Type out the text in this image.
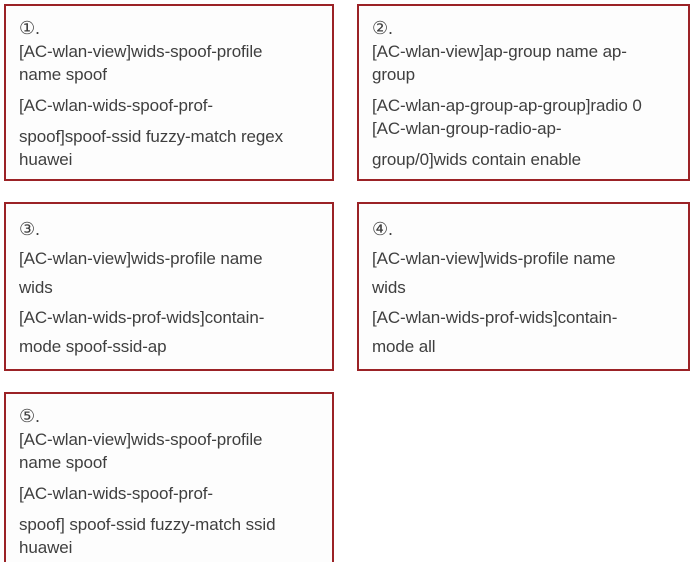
①.
[AC-wlan-view]wids-spoof-profile
name spoof
[AC-wlan-wids-spoof-prof-
spoof]spoof-ssid fuzzy-match regex
huawei
②.
[AC-wlan-view]ap-group name ap-
group
[AC-wlan-ap-group-ap-group]radio 0
[AC-wlan-group-radio-ap-
group/0]wids contain enable
③.
[AC-wlan-view]wids-profile name
wids
[AC-wlan-wids-prof-wids]contain-
mode spoof-ssid-ap
④.
[AC-wlan-view]wids-profile name
wids
[AC-wlan-wids-prof-wids]contain-
mode all
⑤.
[AC-wlan-view]wids-spoof-profile
name spoof
[AC-wlan-wids-spoof-prof-
spoof] spoof-ssid fuzzy-match ssid
huawei
